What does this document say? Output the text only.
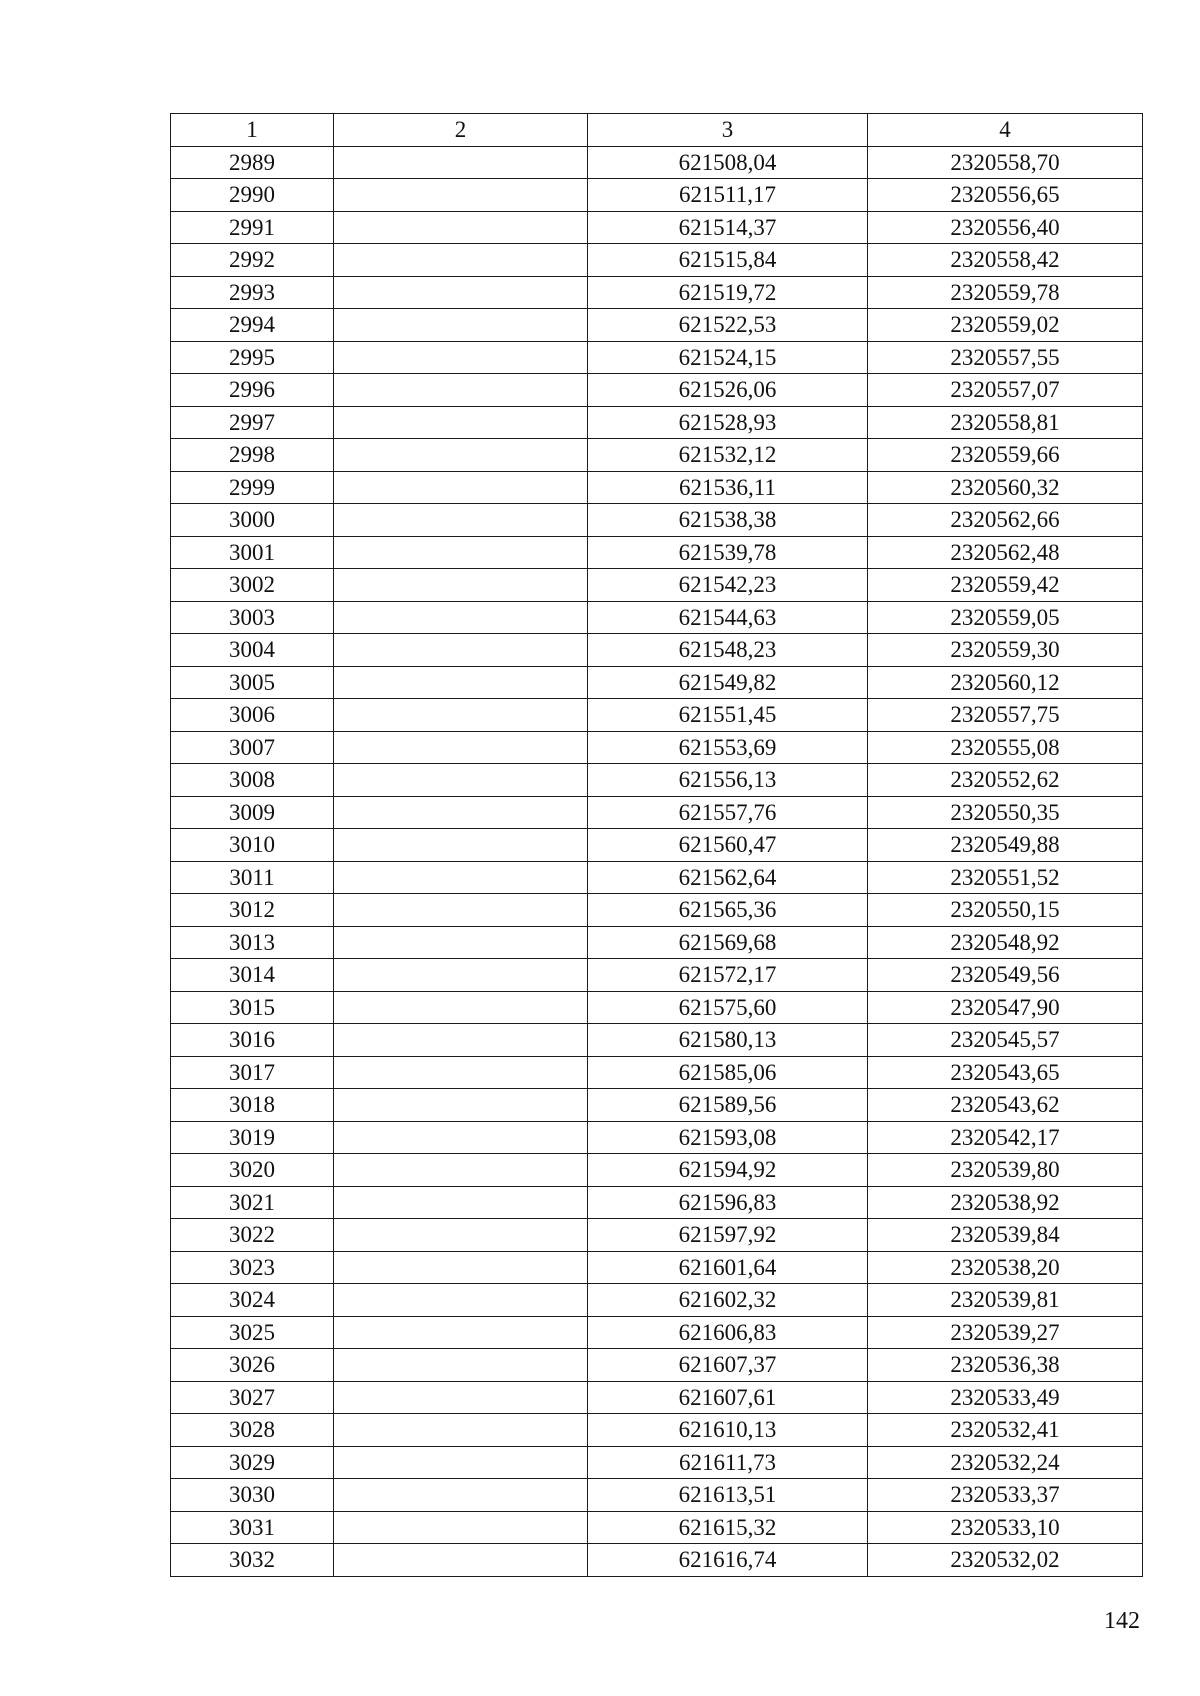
1	2	3	4
2989		621508,04	2320558,70
2990		621511,17	2320556,65
2991		621514,37	2320556,40
2992		621515,84	2320558,42
2993		621519,72	2320559,78
2994		621522,53	2320559,02
2995		621524,15	2320557,55
2996		621526,06	2320557,07
2997		621528,93	2320558,81
2998		621532,12	2320559,66
2999		621536,11	2320560,32
3000		621538,38	2320562,66
3001		621539,78	2320562,48
3002		621542,23	2320559,42
3003		621544,63	2320559,05
3004		621548,23	2320559,30
3005		621549,82	2320560,12
3006		621551,45	2320557,75
3007		621553,69	2320555,08
3008		621556,13	2320552,62
3009		621557,76	2320550,35
3010		621560,47	2320549,88
3011		621562,64	2320551,52
3012		621565,36	2320550,15
3013		621569,68	2320548,92
3014		621572,17	2320549,56
3015		621575,60	2320547,90
3016		621580,13	2320545,57
3017		621585,06	2320543,65
3018		621589,56	2320543,62
3019		621593,08	2320542,17
3020		621594,92	2320539,80
3021		621596,83	2320538,92
3022		621597,92	2320539,84
3023		621601,64	2320538,20
3024		621602,32	2320539,81
3025		621606,83	2320539,27
3026		621607,37	2320536,38
3027		621607,61	2320533,49
3028		621610,13	2320532,41
3029		621611,73	2320532,24
3030		621613,51	2320533,37
3031		621615,32	2320533,10
3032		621616,74	2320532,02
142
